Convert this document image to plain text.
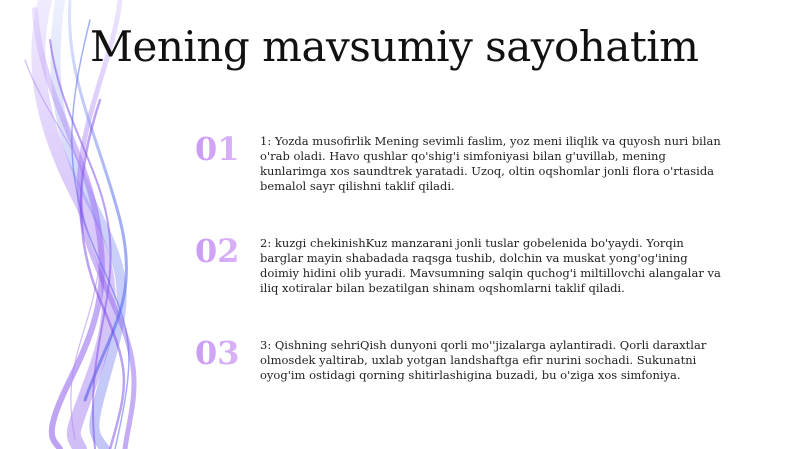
Mening mavsumiy sayohatim
01	1: Yozda musofirlik Mening sevimli faslim, yoz meni iliqlik va quyosh nuri bilan o'rab oladi. Havo qushlar qo'shig'i simfoniyasi bilan g'uvillab, mening kunlarimga xos saundtrek yaratadi. Uzoq, oltin oqshomlar jonli flora o'rtasida bemalol sayr qilishni taklif qiladi.
02	2: kuzgi chekinishKuz manzarani jonli tuslar gobelenida bo'yaydi. Yorqin barglar mayin shabadada raqsga tushib, dolchin va muskat yong'og'ining doimiy hidini olib yuradi. Mavsumning salqin quchog'i miltillovchi alangalar va iliq xotiralar bilan bezatilgan shinam oqshomlarni taklif qiladi.
03	3: Qishning sehriQish dunyoni qorli mo''jizalarga aylantiradi. Qorli daraxtlar olmosdek yaltirab, uxlab yotgan landshaftga efir nurini sochadi. Sukunatni oyog'im ostidagi qorning shitirlashigina buzadi, bu o'ziga xos simfoniya.
